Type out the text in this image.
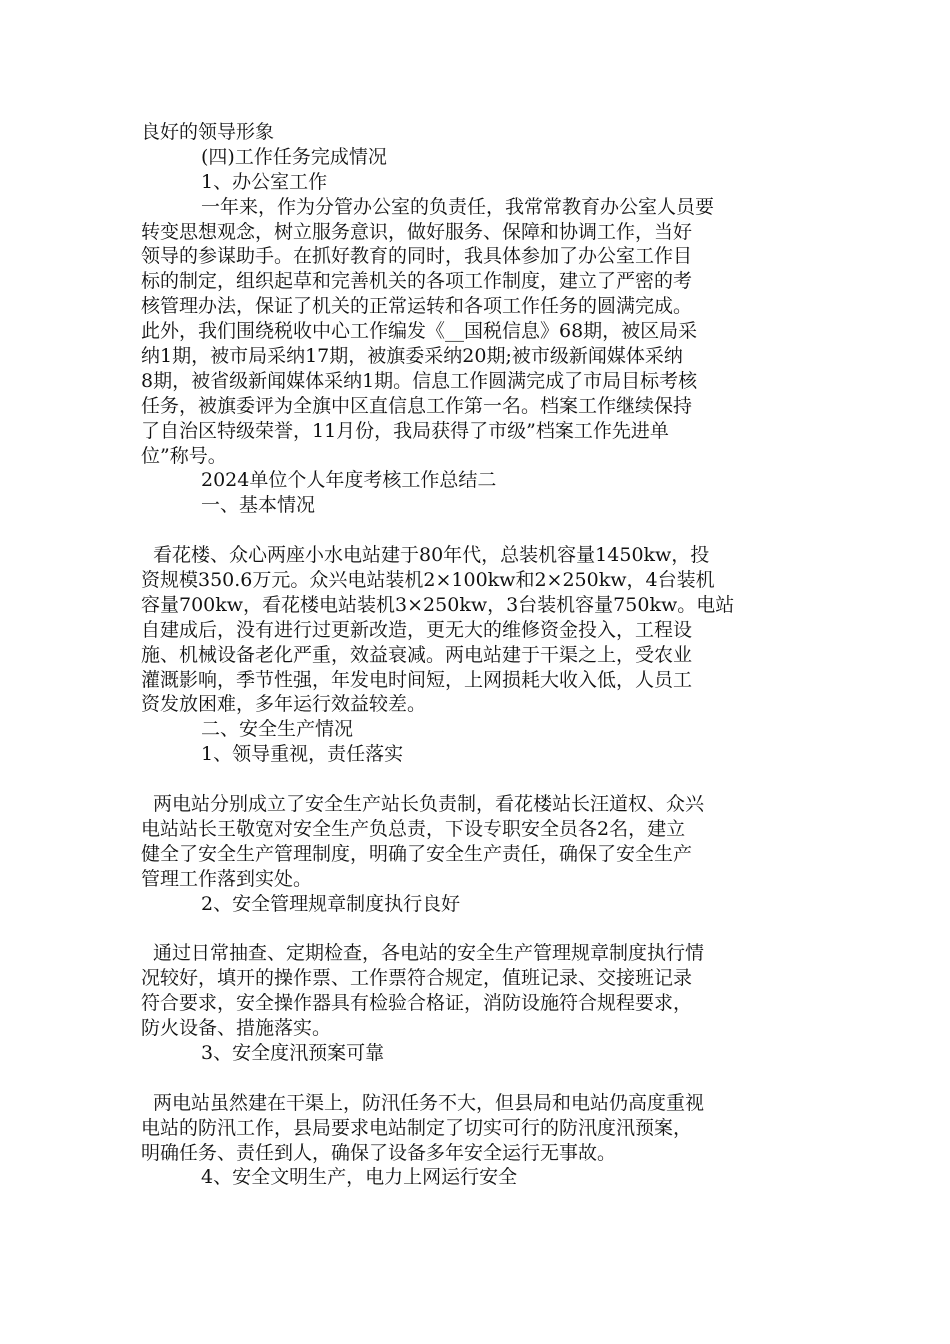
良好的领导形象
(四)工作任务完成情况
1、办公室工作
一年来，作为分管办公室的负责任，我常常教育办公室人员要
转变思想观念，树立服务意识，做好服务、保障和协调工作，当好
领导的参谋助手。在抓好教育的同时，我具体参加了办公室工作目
标的制定，组织起草和完善机关的各项工作制度，建立了严密的考
核管理办法，保证了机关的正常运转和各项工作任务的圆满完成。
此外，我们围绕税收中心工作编发《__国税信息》68期，被区局采
纳1期，被市局采纳17期，被旗委采纳20期;被市级新闻媒体采纳
8期，被省级新闻媒体采纳1期。信息工作圆满完成了市局目标考核
任务，被旗委评为全旗中区直信息工作第一名。档案工作继续保持
了自治区特级荣誉，11月份，我局获得了市级”档案工作先进单
位”称号。
2024单位个人年度考核工作总结二
一、基本情况
看花楼、众心两座小水电站建于80年代，总装机容量1450kw，投
资规模350.6万元。众兴电站装机2×100kw和2×250kw，4台装机
容量700kw，看花楼电站装机3×250kw，3台装机容量750kw。电站
自建成后，没有进行过更新改造，更无大的维修资金投入，工程设
施、机械设备老化严重，效益衰减。两电站建于干渠之上，受农业
灌溉影响，季节性强，年发电时间短，上网损耗大收入低，人员工
资发放困难，多年运行效益较差。
二、安全生产情况
1、领导重视，责任落实
两电站分别成立了安全生产站长负责制，看花楼站长汪道权、众兴
电站站长王敬宽对安全生产负总责，下设专职安全员各2名，建立
健全了安全生产管理制度，明确了安全生产责任，确保了安全生产
管理工作落到实处。
2、安全管理规章制度执行良好
通过日常抽查、定期检查，各电站的安全生产管理规章制度执行情
况较好，填开的操作票、工作票符合规定，值班记录、交接班记录
符合要求，安全操作器具有检验合格证，消防设施符合规程要求，
防火设备、措施落实。
3、安全度汛预案可靠
两电站虽然建在干渠上，防汛任务不大，但县局和电站仍高度重视
电站的防汛工作，县局要求电站制定了切实可行的防汛度汛预案，
明确任务、责任到人，确保了设备多年安全运行无事故。
4、安全文明生产，电力上网运行安全
